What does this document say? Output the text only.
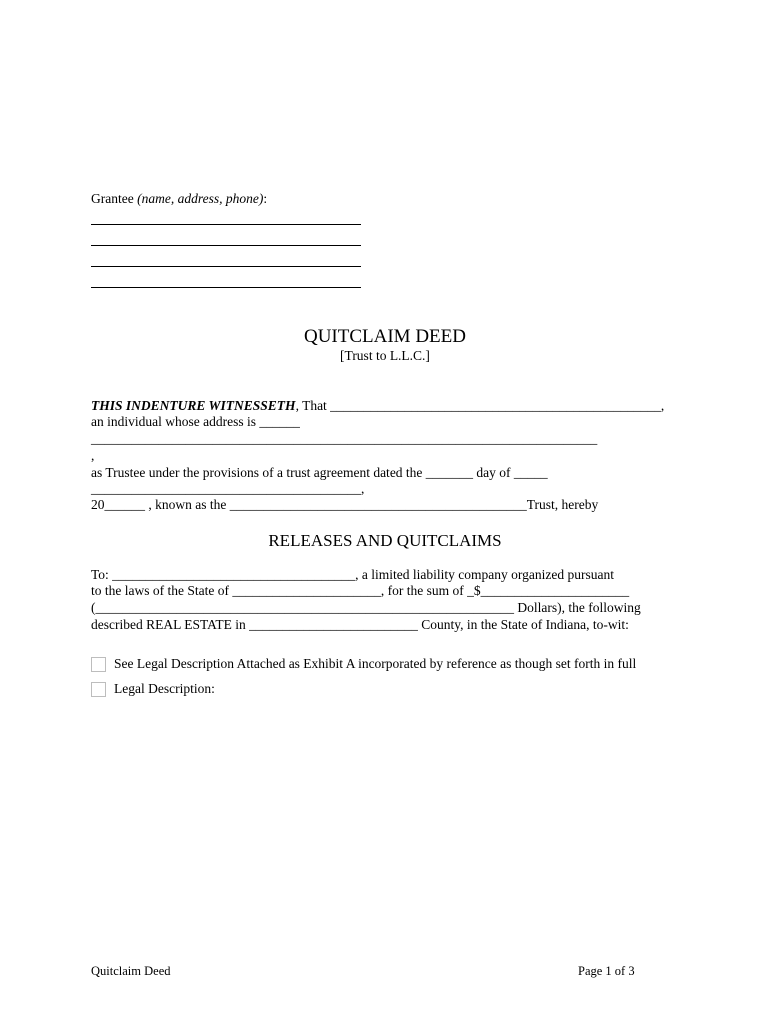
Grantee (name, address, phone):
QUITCLAIM DEED
[Trust to L.L.C.]
THIS INDENTURE WITNESSETH, That _________________________________________________,
an individual whose address is ______
___________________________________________________________________________
,
as Trustee under the provisions of a trust agreement dated the _______ day of _____
________________________________________,
20______ , known as the ____________________________________________Trust, hereby
RELEASES AND QUITCLAIMS
To: ____________________________________, a limited liability company organized pursuant
to the laws of the State of ______________________, for the sum of _$______________________
(______________________________________________________________ Dollars), the following
described REAL ESTATE in _________________________ County, in the State of Indiana, to-wit:
See Legal Description Attached as Exhibit A incorporated by reference as though set forth in full
Legal Description:
Quitclaim Deed	Page 1 of 3
